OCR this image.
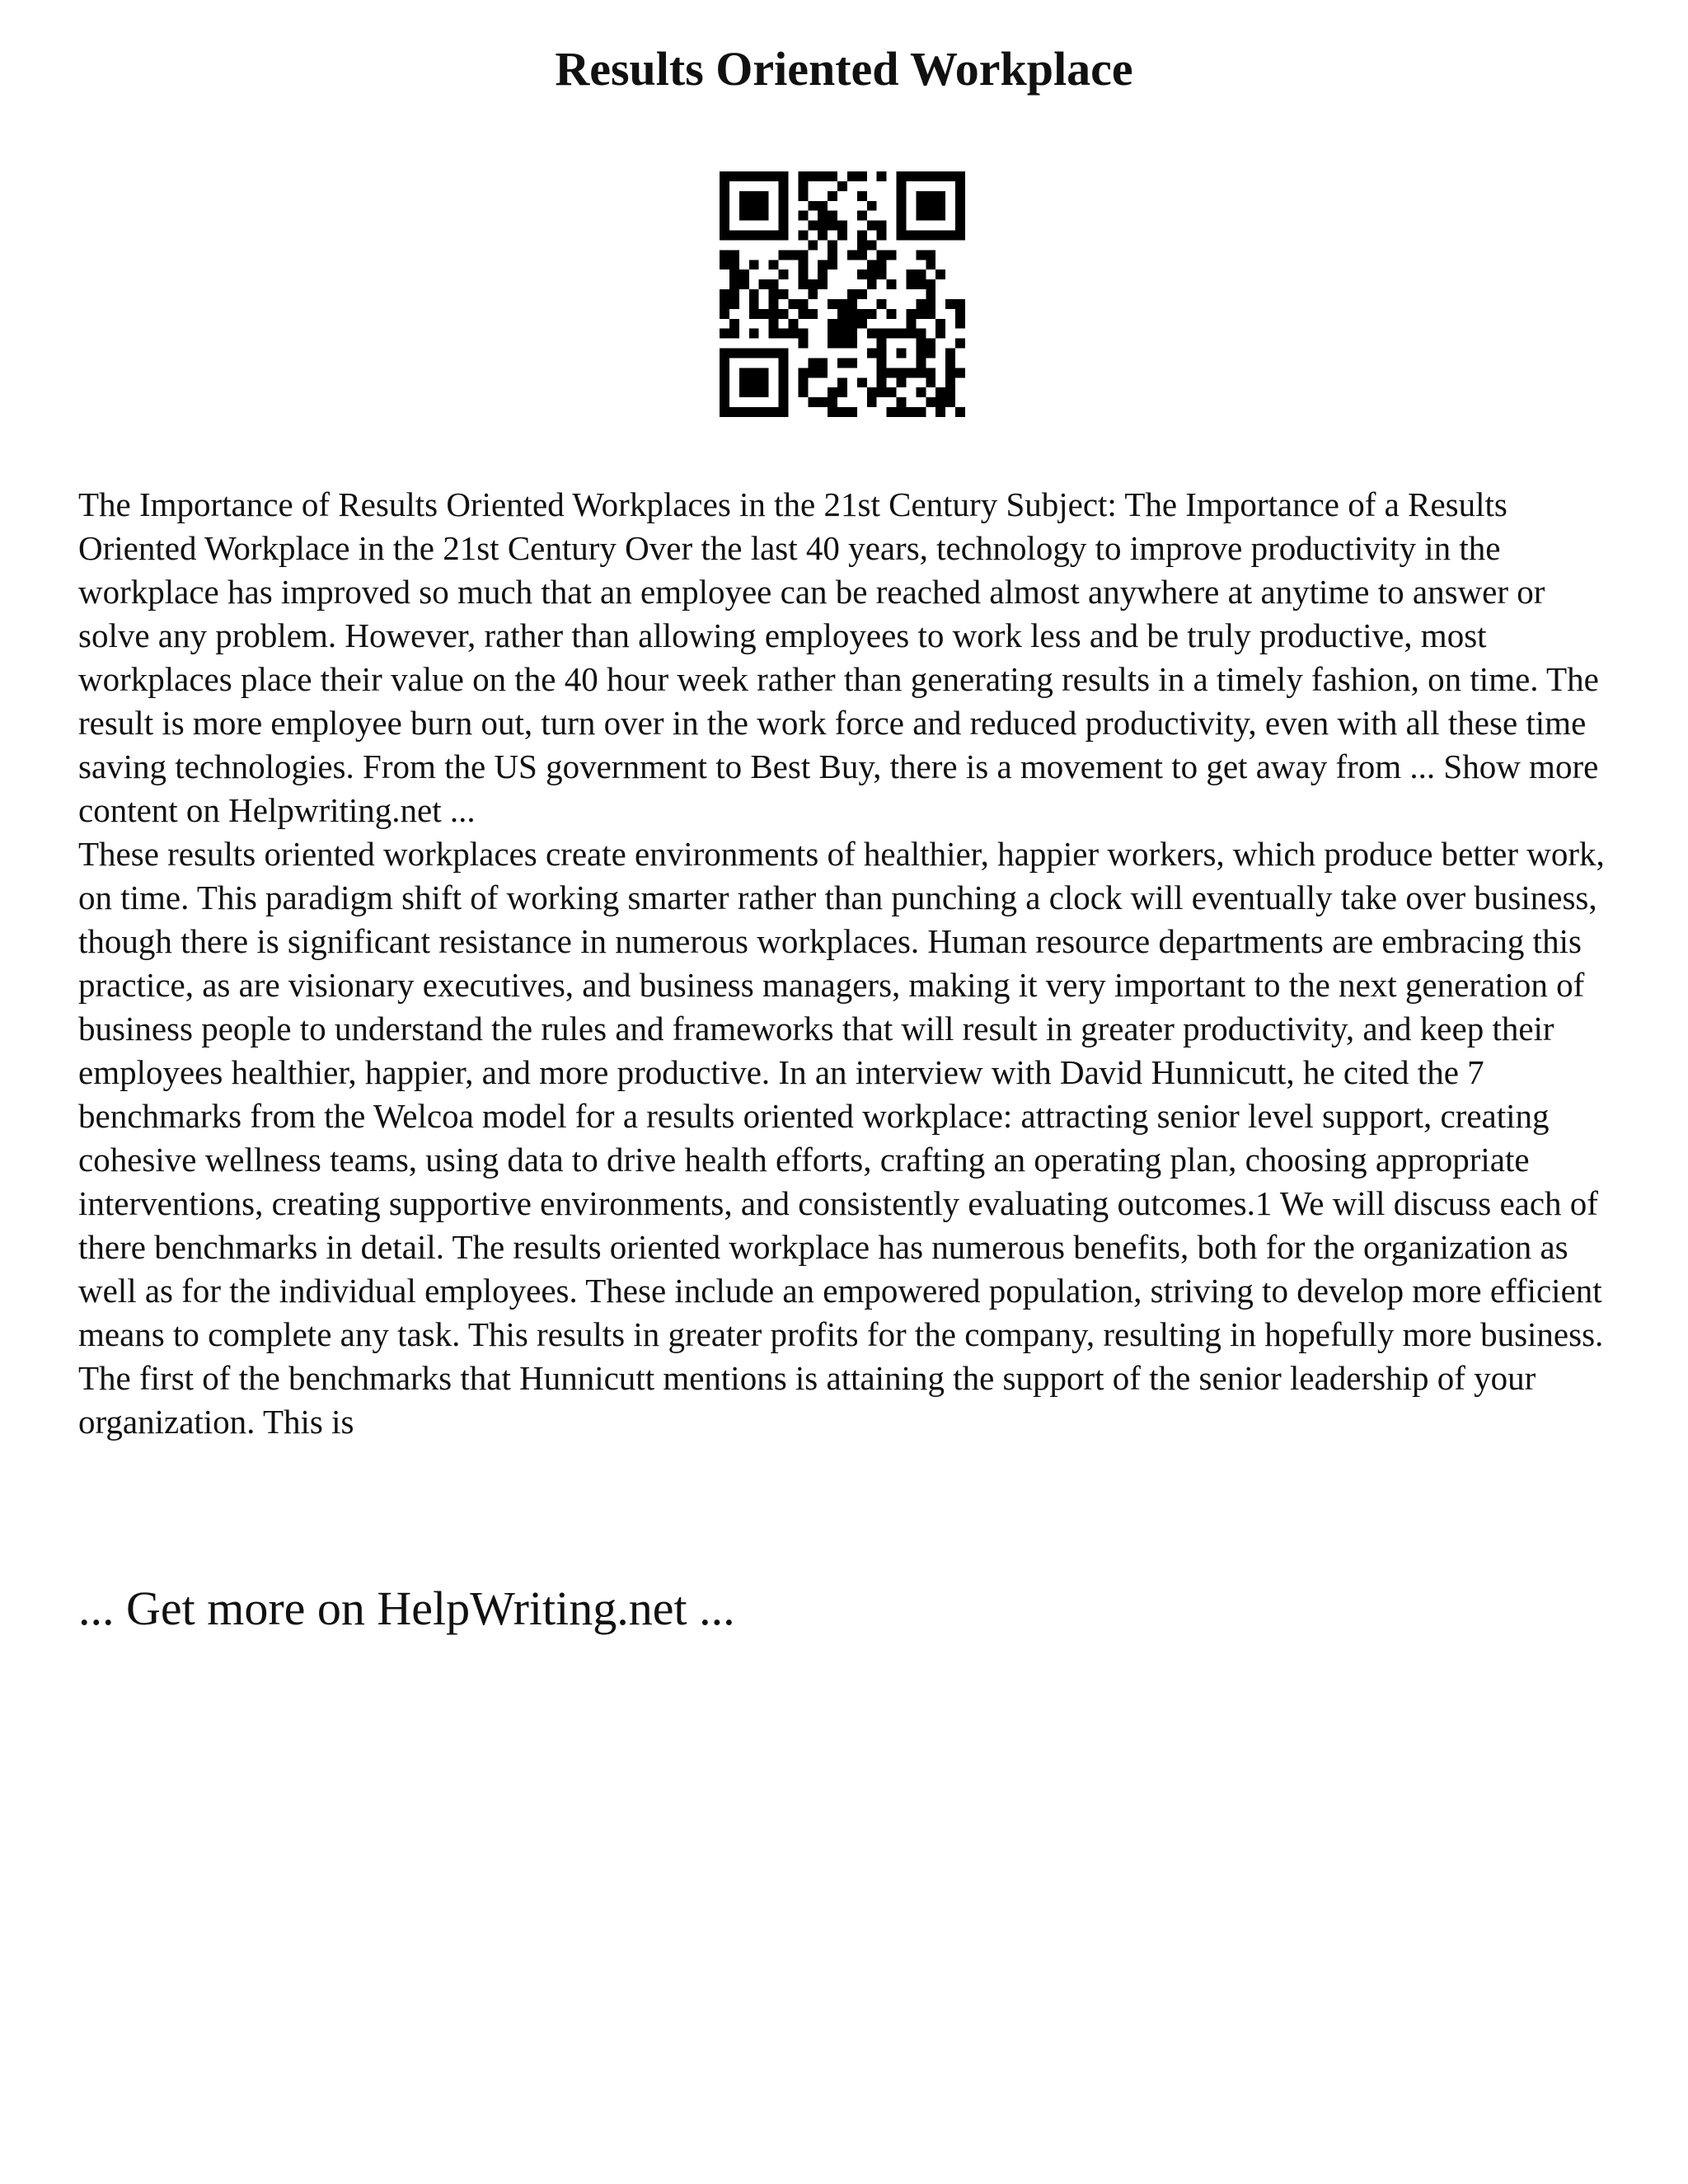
Results Oriented Workplace

The Importance of Results Oriented Workplaces in the 21st Century Subject: The Importance of a Results Oriented Workplace in the 21st Century Over the last 40 years, technology to improve productivity in the workplace has improved so much that an employee can be reached almost anywhere at anytime to answer or solve any problem. However, rather than allowing employees to work less and be truly productive, most workplaces place their value on the 40 hour week rather than generating results in a timely fashion, on time. The result is more employee burn out, turn over in the work force and reduced productivity, even with all these time saving technologies. From the US government to Best Buy, there is a movement to get away from ... Show more content on Helpwriting.net ...

These results oriented workplaces create environments of healthier, happier workers, which produce better work, on time. This paradigm shift of working smarter rather than punching a clock will eventually take over business, though there is significant resistance in numerous workplaces. Human resource departments are embracing this practice, as are visionary executives, and business managers, making it very important to the next generation of business people to understand the rules and frameworks that will result in greater productivity, and keep their employees healthier, happier, and more productive. In an interview with David Hunnicutt, he cited the 7 benchmarks from the Welcoa model for a results oriented workplace: attracting senior level support, creating cohesive wellness teams, using data to drive health efforts, crafting an operating plan, choosing appropriate interventions, creating supportive environments, and consistently evaluating outcomes.1 We will discuss each of there benchmarks in detail. The results oriented workplace has numerous benefits, both for the organization as well as for the individual employees. These include an empowered population, striving to develop more efficient means to complete any task. This results in greater profits for the company, resulting in hopefully more business. The first of the benchmarks that Hunnicutt mentions is attaining the support of the senior leadership of your organization. This is

... Get more on HelpWriting.net ...
